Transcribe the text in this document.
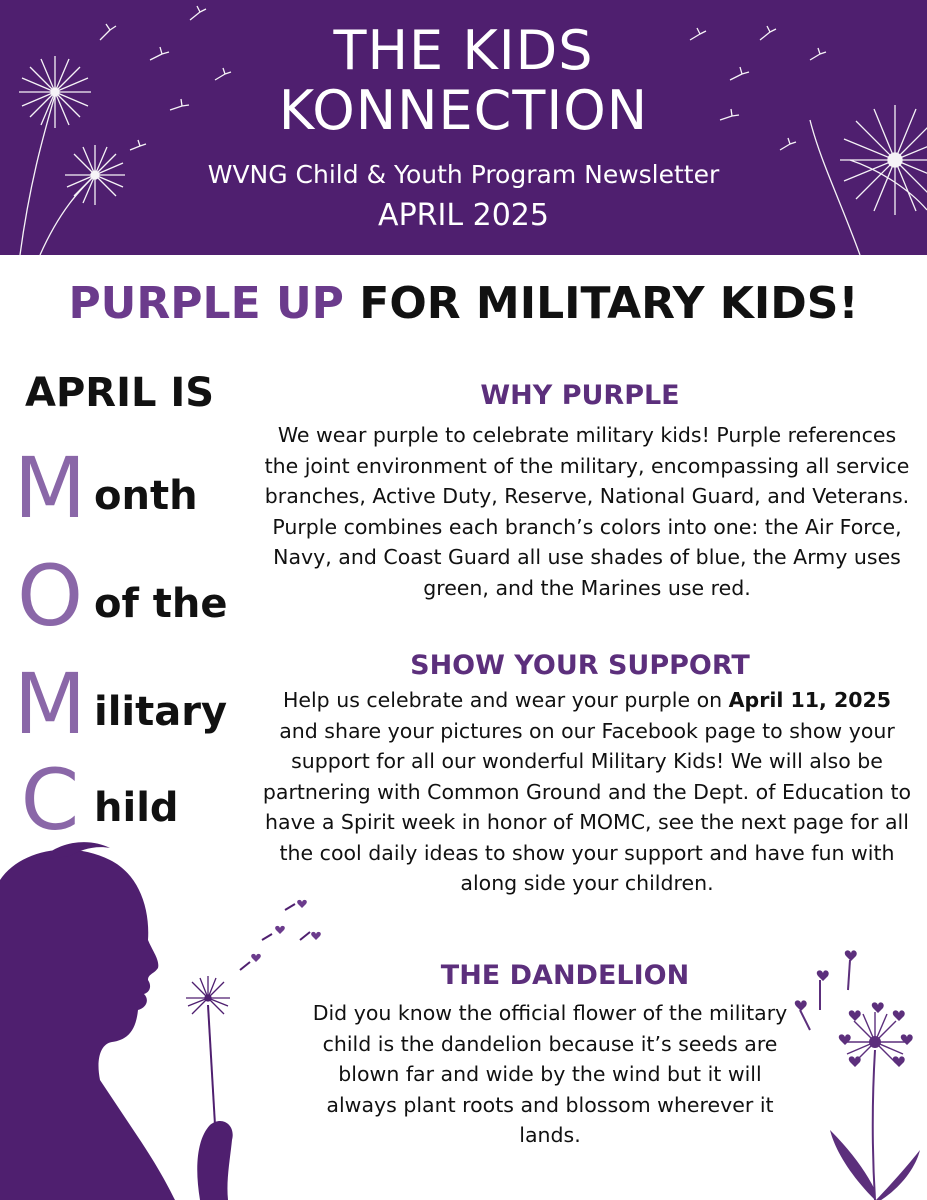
THE KIDS
KONNECTION
WVNG Child & Youth Program Newsletter
APRIL 2025
PURPLE UP FOR MILITARY KIDS!
APRIL IS
M onth
O of the
M ilitary
C hild
WHY PURPLE
We wear purple to celebrate military kids! Purple references the joint environment of the military, encompassing all service branches, Active Duty, Reserve, National Guard, and Veterans. Purple combines each branch’s colors into one: the Air Force, Navy, and Coast Guard all use shades of blue, the Army uses green, and the Marines use red.
SHOW YOUR SUPPORT
Help us celebrate and wear your purple on April 11, 2025 and share your pictures on our Facebook page to show your support for all our wonderful Military Kids! We will also be partnering with Common Ground and the Dept. of Education to have a Spirit week in honor of MOMC, see the next page for all the cool daily ideas to show your support and have fun with along side your children.
THE DANDELION
Did you know the official flower of the military child is the dandelion because it’s seeds are blown far and wide by the wind but it will always plant roots and blossom wherever it lands.
